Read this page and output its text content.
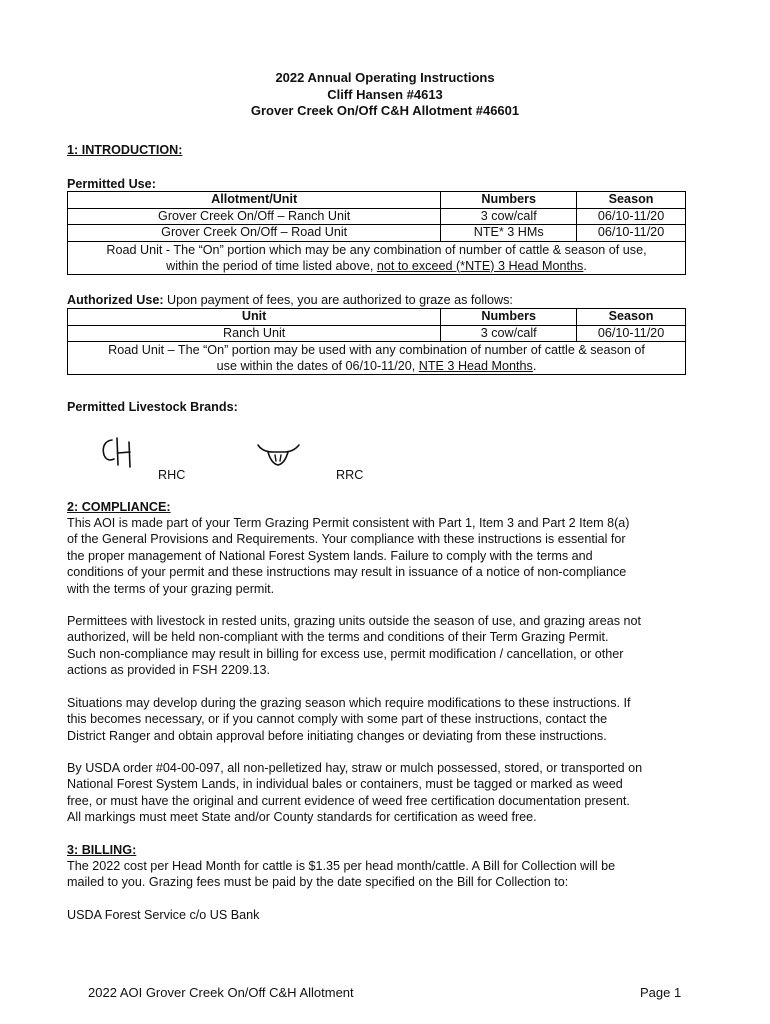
2022 Annual Operating Instructions
Cliff Hansen #4613
Grover Creek On/Off C&H Allotment #46601
1: INTRODUCTION:
Permitted Use:
Allotment/Unit	Numbers	Season
Grover Creek On/Off – Ranch Unit	3 cow/calf	06/10-11/20
Grover Creek On/Off – Road Unit	NTE* 3 HMs	06/10-11/20
Road Unit - The “On” portion which may be any combination of number of cattle & season of use,
within the period of time listed above, not to exceed (*NTE) 3 Head Months.		
Authorized Use: Upon payment of fees, you are authorized to graze as follows:
Unit	Numbers	Season
Ranch Unit	3 cow/calf	06/10-11/20
Road Unit – The “On” portion may be used with any combination of number of cattle & season of
use within the dates of 06/10-11/20, NTE 3 Head Months.		
Permitted Livestock Brands:
RHC	RRC
2: COMPLIANCE:
This AOI is made part of your Term Grazing Permit consistent with Part 1, Item 3 and Part 2 Item 8(a)
of the General Provisions and Requirements. Your compliance with these instructions is essential for
the proper management of National Forest System lands. Failure to comply with the terms and
conditions of your permit and these instructions may result in issuance of a notice of non-compliance
with the terms of your grazing permit.
Permittees with livestock in rested units, grazing units outside the season of use, and grazing areas not
authorized, will be held non-compliant with the terms and conditions of their Term Grazing Permit.
Such non-compliance may result in billing for excess use, permit modification / cancellation, or other
actions as provided in FSH 2209.13.
Situations may develop during the grazing season which require modifications to these instructions. If
this becomes necessary, or if you cannot comply with some part of these instructions, contact the
District Ranger and obtain approval before initiating changes or deviating from these instructions.
By USDA order #04-00-097, all non-pelletized hay, straw or mulch possessed, stored, or transported on
National Forest System Lands, in individual bales or containers, must be tagged or marked as weed
free, or must have the original and current evidence of weed free certification documentation present.
All markings must meet State and/or County standards for certification as weed free.
3: BILLING:
The 2022 cost per Head Month for cattle is $1.35 per head month/cattle. A Bill for Collection will be
mailed to you. Grazing fees must be paid by the date specified on the Bill for Collection to:
USDA Forest Service c/o US Bank
2022 AOI Grover Creek On/Off C&H Allotment	Page 1
